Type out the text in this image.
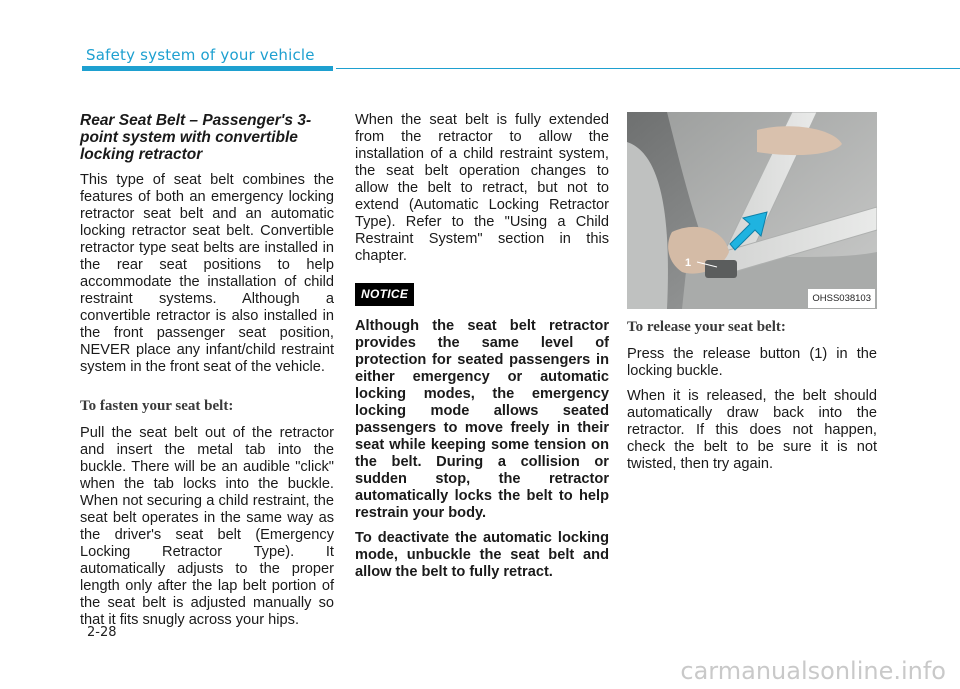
Safety system of your vehicle
Rear Seat Belt – Passenger's 3-point system with convertible locking retractor

This type of seat belt combines the features of both an emergency locking retractor seat belt and an automatic locking retractor seat belt. Convertible retractor type seat belts are installed in the rear seat positions to help accommodate the installation of child restraint systems. Although a convertible retractor is also installed in the front passenger seat position, NEVER place any infant/child restraint system in the front seat of the vehicle.

To fasten your seat belt:

Pull the seat belt out of the retractor and insert the metal tab into the buckle. There will be an audible "click" when the tab locks into the buckle. When not securing a child restraint, the seat belt operates in the same way as the driver's seat belt (Emergency Locking Retractor Type). It automatically adjusts to the proper length only after the lap belt portion of the seat belt is adjusted manually so that it fits snugly across your hips.

When the seat belt is fully extended from the retractor to allow the installation of a child restraint system, the seat belt operation changes to allow the belt to retract, but not to extend (Automatic Locking Retractor Type). Refer to the "Using a Child Restraint System" section in this chapter.

NOTICE

Although the seat belt retractor provides the same level of protection for seated passengers in either emergency or automatic locking modes, the emergency locking mode allows seated passengers to move freely in their seat while keeping some tension on the belt. During a collision or sudden stop, the retractor automatically locks the belt to help restrain your body.

To deactivate the automatic locking mode, unbuckle the seat belt and allow the belt to fully retract.

1
OHSS038103
To release your seat belt:

Press the release button (1) in the locking buckle.

When it is released, the belt should automatically draw back into the retractor. If this does not happen, check the belt to be sure it is not twisted, then try again.

2-28
carmanualsonline.info
